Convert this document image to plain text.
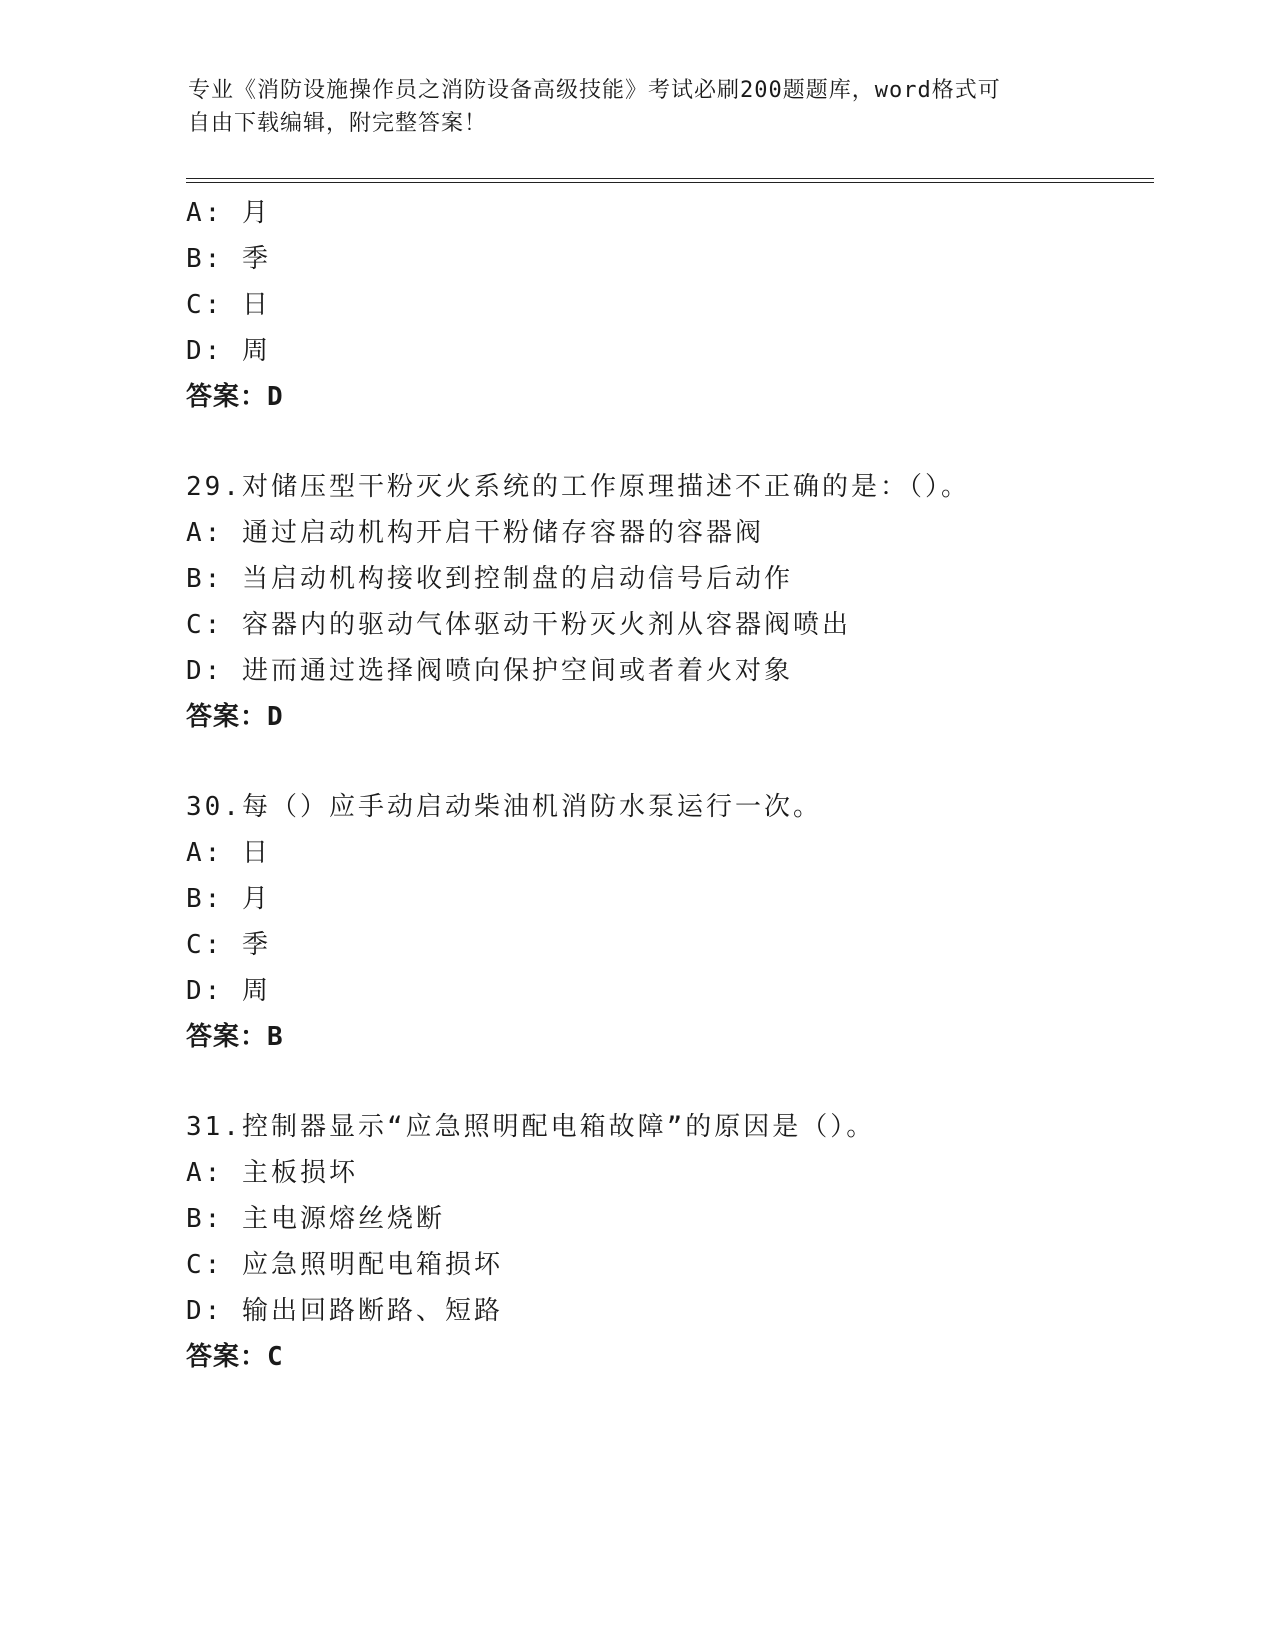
专业《消防设施操作员之消防设备高级技能》考试必刷200题题库，word格式可
自由下载编辑，附完整答案！
A: 月
B: 季
C: 日
D: 周
答案：D
29.对储压型干粉灭火系统的工作原理描述不正确的是：（）。
A: 通过启动机构开启干粉储存容器的容器阀
B: 当启动机构接收到控制盘的启动信号后动作
C: 容器内的驱动气体驱动干粉灭火剂从容器阀喷出
D: 进而通过选择阀喷向保护空间或者着火对象
答案：D
30.每（）应手动启动柴油机消防水泵运行一次。
A: 日
B: 月
C: 季
D: 周
答案：B
31.控制器显示“应急照明配电箱故障”的原因是（）。
A: 主板损坏
B: 主电源熔丝烧断
C: 应急照明配电箱损坏
D: 输出回路断路、短路
答案：C
